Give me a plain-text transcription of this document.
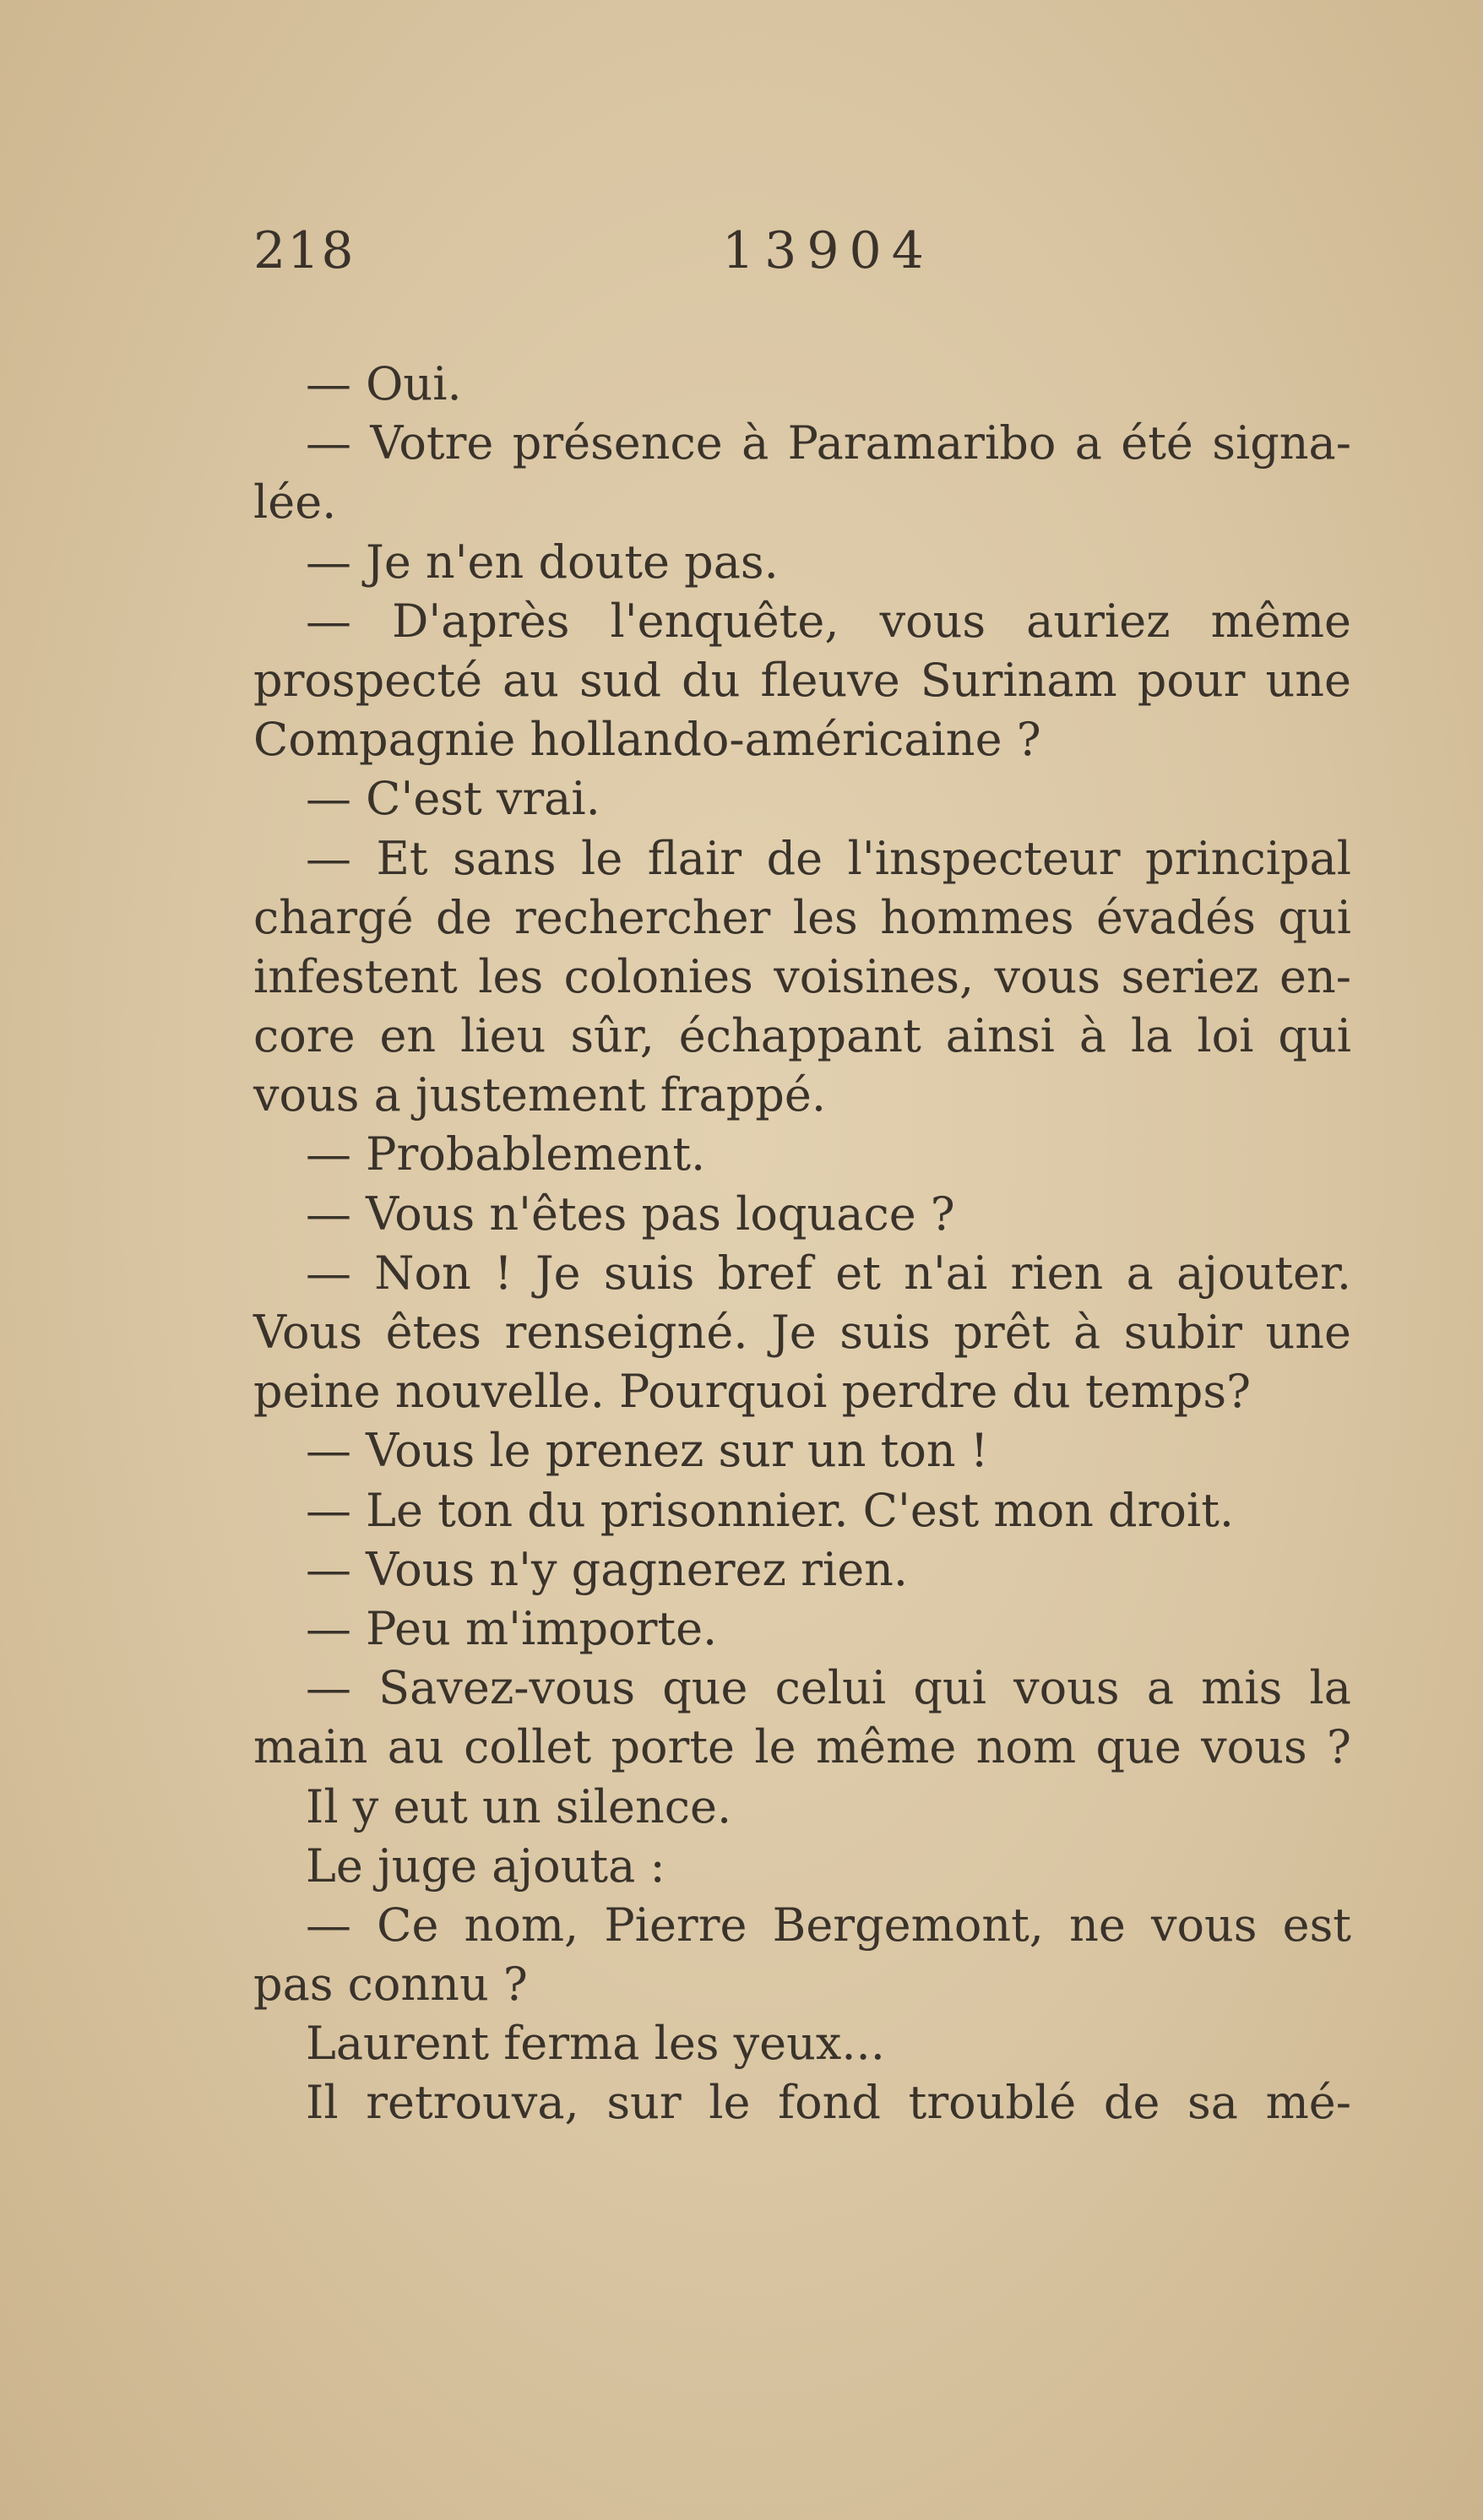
218	13904
— Oui.
— Votre présence à Paramaribo a été signa-
lée.
— Je n'en doute pas.
— D'après l'enquête, vous auriez même
prospecté au sud du fleuve Surinam pour une
Compagnie hollando-américaine ?
— C'est vrai.
— Et sans le flair de l'inspecteur principal
chargé de rechercher les hommes évadés qui
infestent les colonies voisines, vous seriez en-
core en lieu sûr, échappant ainsi à la loi qui
vous a justement frappé.
— Probablement.
— Vous n'êtes pas loquace ?
— Non ! Je suis bref et n'ai rien a ajouter.
Vous êtes renseigné. Je suis prêt à subir une
peine nouvelle. Pourquoi perdre du temps?
— Vous le prenez sur un ton !
— Le ton du prisonnier. C'est mon droit.
— Vous n'y gagnerez rien.
— Peu m'importe.
— Savez-vous que celui qui vous a mis la
main au collet porte le même nom que vous ?
Il y eut un silence.
Le juge ajouta :
— Ce nom, Pierre Bergemont, ne vous est
pas connu ?
Laurent ferma les yeux...
Il retrouva, sur le fond troublé de sa mé-
